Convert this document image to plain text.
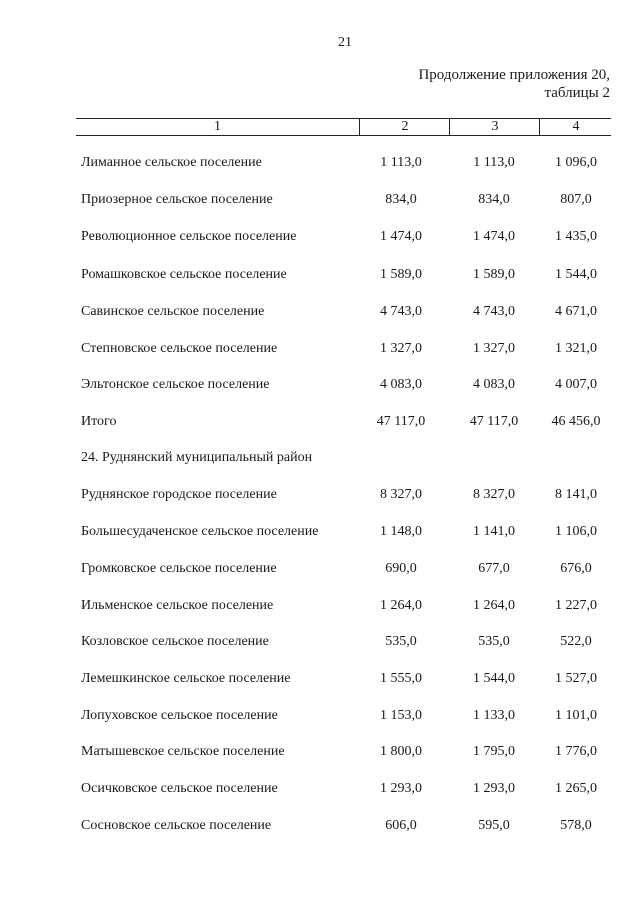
21
Продолжение приложения 20,
таблицы 2
1	2	3	4
Лиманное сельское поселение	1 113,0	1 113,0	1 096,0
Приозерное сельское поселение	834,0	834,0	807,0
Революционное сельское поселение	1 474,0	1 474,0	1 435,0
Ромашковское сельское поселение	1 589,0	1 589,0	1 544,0
Савинское сельское поселение	4 743,0	4 743,0	4 671,0
Степновское сельское поселение	1 327,0	1 327,0	1 321,0
Эльтонское сельское поселение	4 083,0	4 083,0	4 007,0
Итого	47 117,0	47 117,0	46 456,0
24. Руднянский муниципальный район
Руднянское городское поселение	8 327,0	8 327,0	8 141,0
Большесудаченское сельское поселение	1 148,0	1 141,0	1 106,0
Громковское сельское поселение	690,0	677,0	676,0
Ильменское сельское поселение	1 264,0	1 264,0	1 227,0
Козловское сельское поселение	535,0	535,0	522,0
Лемешкинское сельское поселение	1 555,0	1 544,0	1 527,0
Лопуховское сельское поселение	1 153,0	1 133,0	1 101,0
Матышевское сельское поселение	1 800,0	1 795,0	1 776,0
Осичковское сельское поселение	1 293,0	1 293,0	1 265,0
Сосновское сельское поселение	606,0	595,0	578,0
